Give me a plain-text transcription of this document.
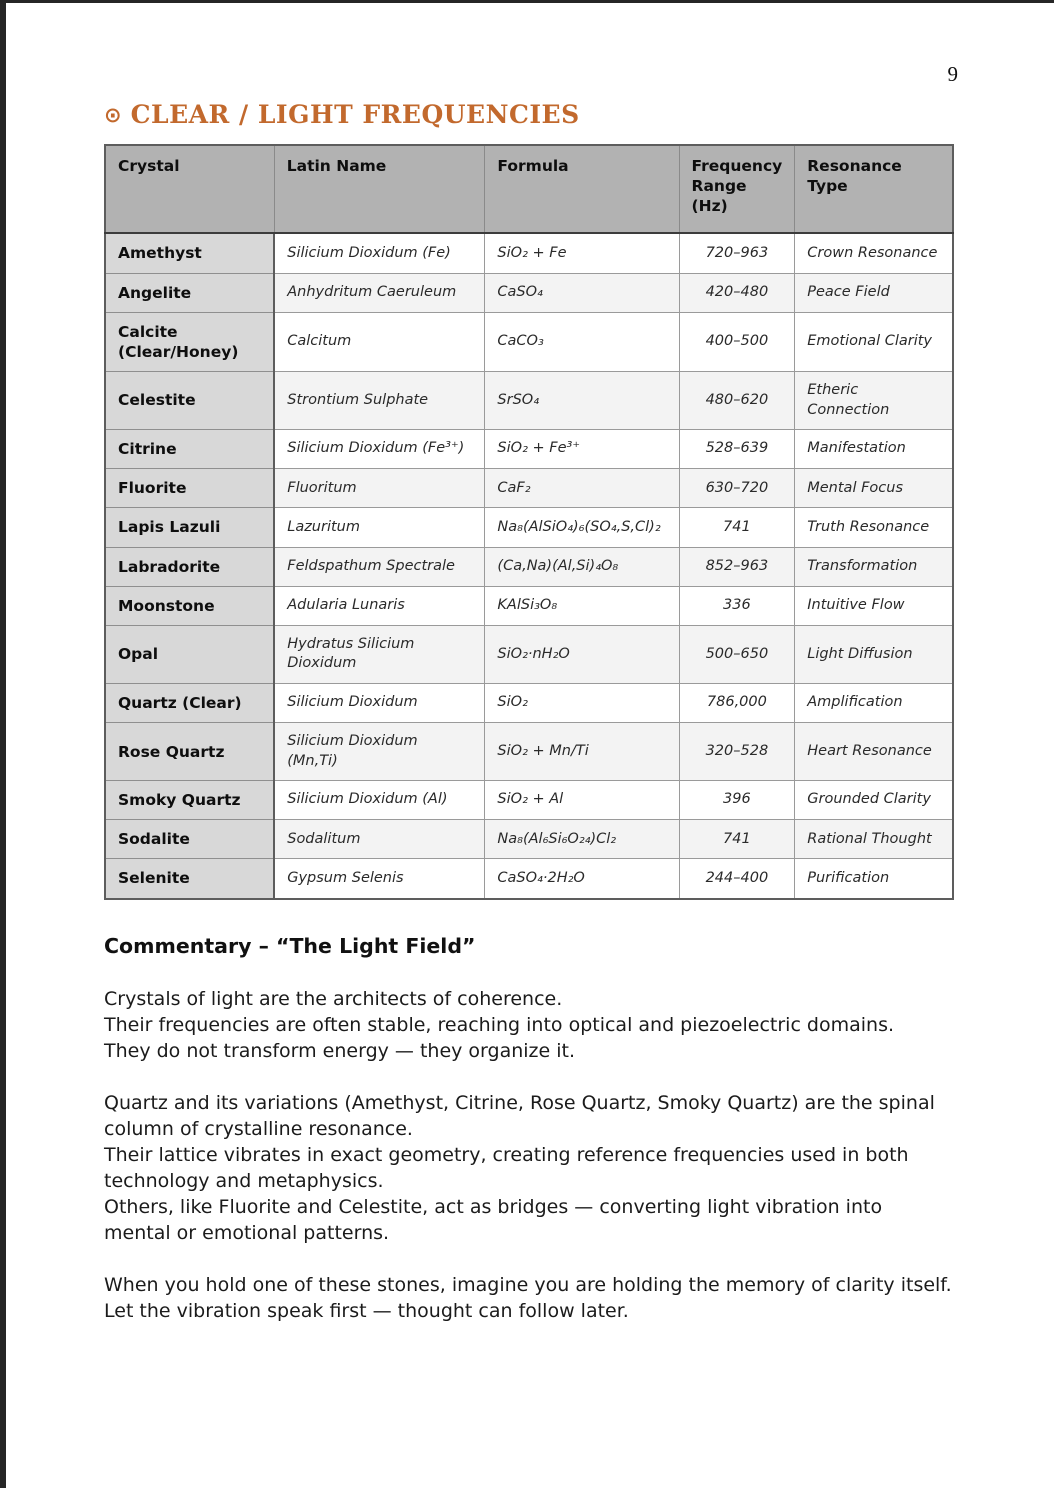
9
⊙ CLEAR / LIGHT FREQUENCIES
Crystal	Latin Name	Formula	Frequency Range (Hz)	Resonance Type
Amethyst	Silicium Dioxidum (Fe)	SiO₂ + Fe	720–963	Crown Resonance
Angelite	Anhydritum Caeruleum	CaSO₄	420–480	Peace Field
Calcite (Clear/Honey)	Calcitum	CaCO₃	400–500	Emotional Clarity
Celestite	Strontium Sulphate	SrSO₄	480–620	Etheric Connection
Citrine	Silicium Dioxidum (Fe³⁺)	SiO₂ + Fe³⁺	528–639	Manifestation
Fluorite	Fluoritum	CaF₂	630–720	Mental Focus
Lapis Lazuli	Lazuritum	Na₈(AlSiO₄)₆(SO₄,S,Cl)₂	741	Truth Resonance
Labradorite	Feldspathum Spectrale	(Ca,Na)(Al,Si)₄O₈	852–963	Transformation
Moonstone	Adularia Lunaris	KAlSi₃O₈	336	Intuitive Flow
Opal	Hydratus Silicium Dioxidum	SiO₂·nH₂O	500–650	Light Diffusion
Quartz (Clear)	Silicium Dioxidum	SiO₂	786,000	Amplification
Rose Quartz	Silicium Dioxidum (Mn,Ti)	SiO₂ + Mn/Ti	320–528	Heart Resonance
Smoky Quartz	Silicium Dioxidum (Al)	SiO₂ + Al	396	Grounded Clarity
Sodalite	Sodalitum	Na₈(Al₆Si₆O₂₄)Cl₂	741	Rational Thought
Selenite	Gypsum Selenis	CaSO₄·2H₂O	244–400	Purification
Commentary – “The Light Field”
Crystals of light are the architects of coherence.
Their frequencies are often stable, reaching into optical and piezoelectric domains.
They do not transform energy — they organize it.
Quartz and its variations (Amethyst, Citrine, Rose Quartz, Smoky Quartz) are the spinal column of crystalline resonance.
Their lattice vibrates in exact geometry, creating reference frequencies used in both technology and metaphysics.
Others, like Fluorite and Celestite, act as bridges — converting light vibration into mental or emotional patterns.
When you hold one of these stones, imagine you are holding the memory of clarity itself.
Let the vibration speak first — thought can follow later.
